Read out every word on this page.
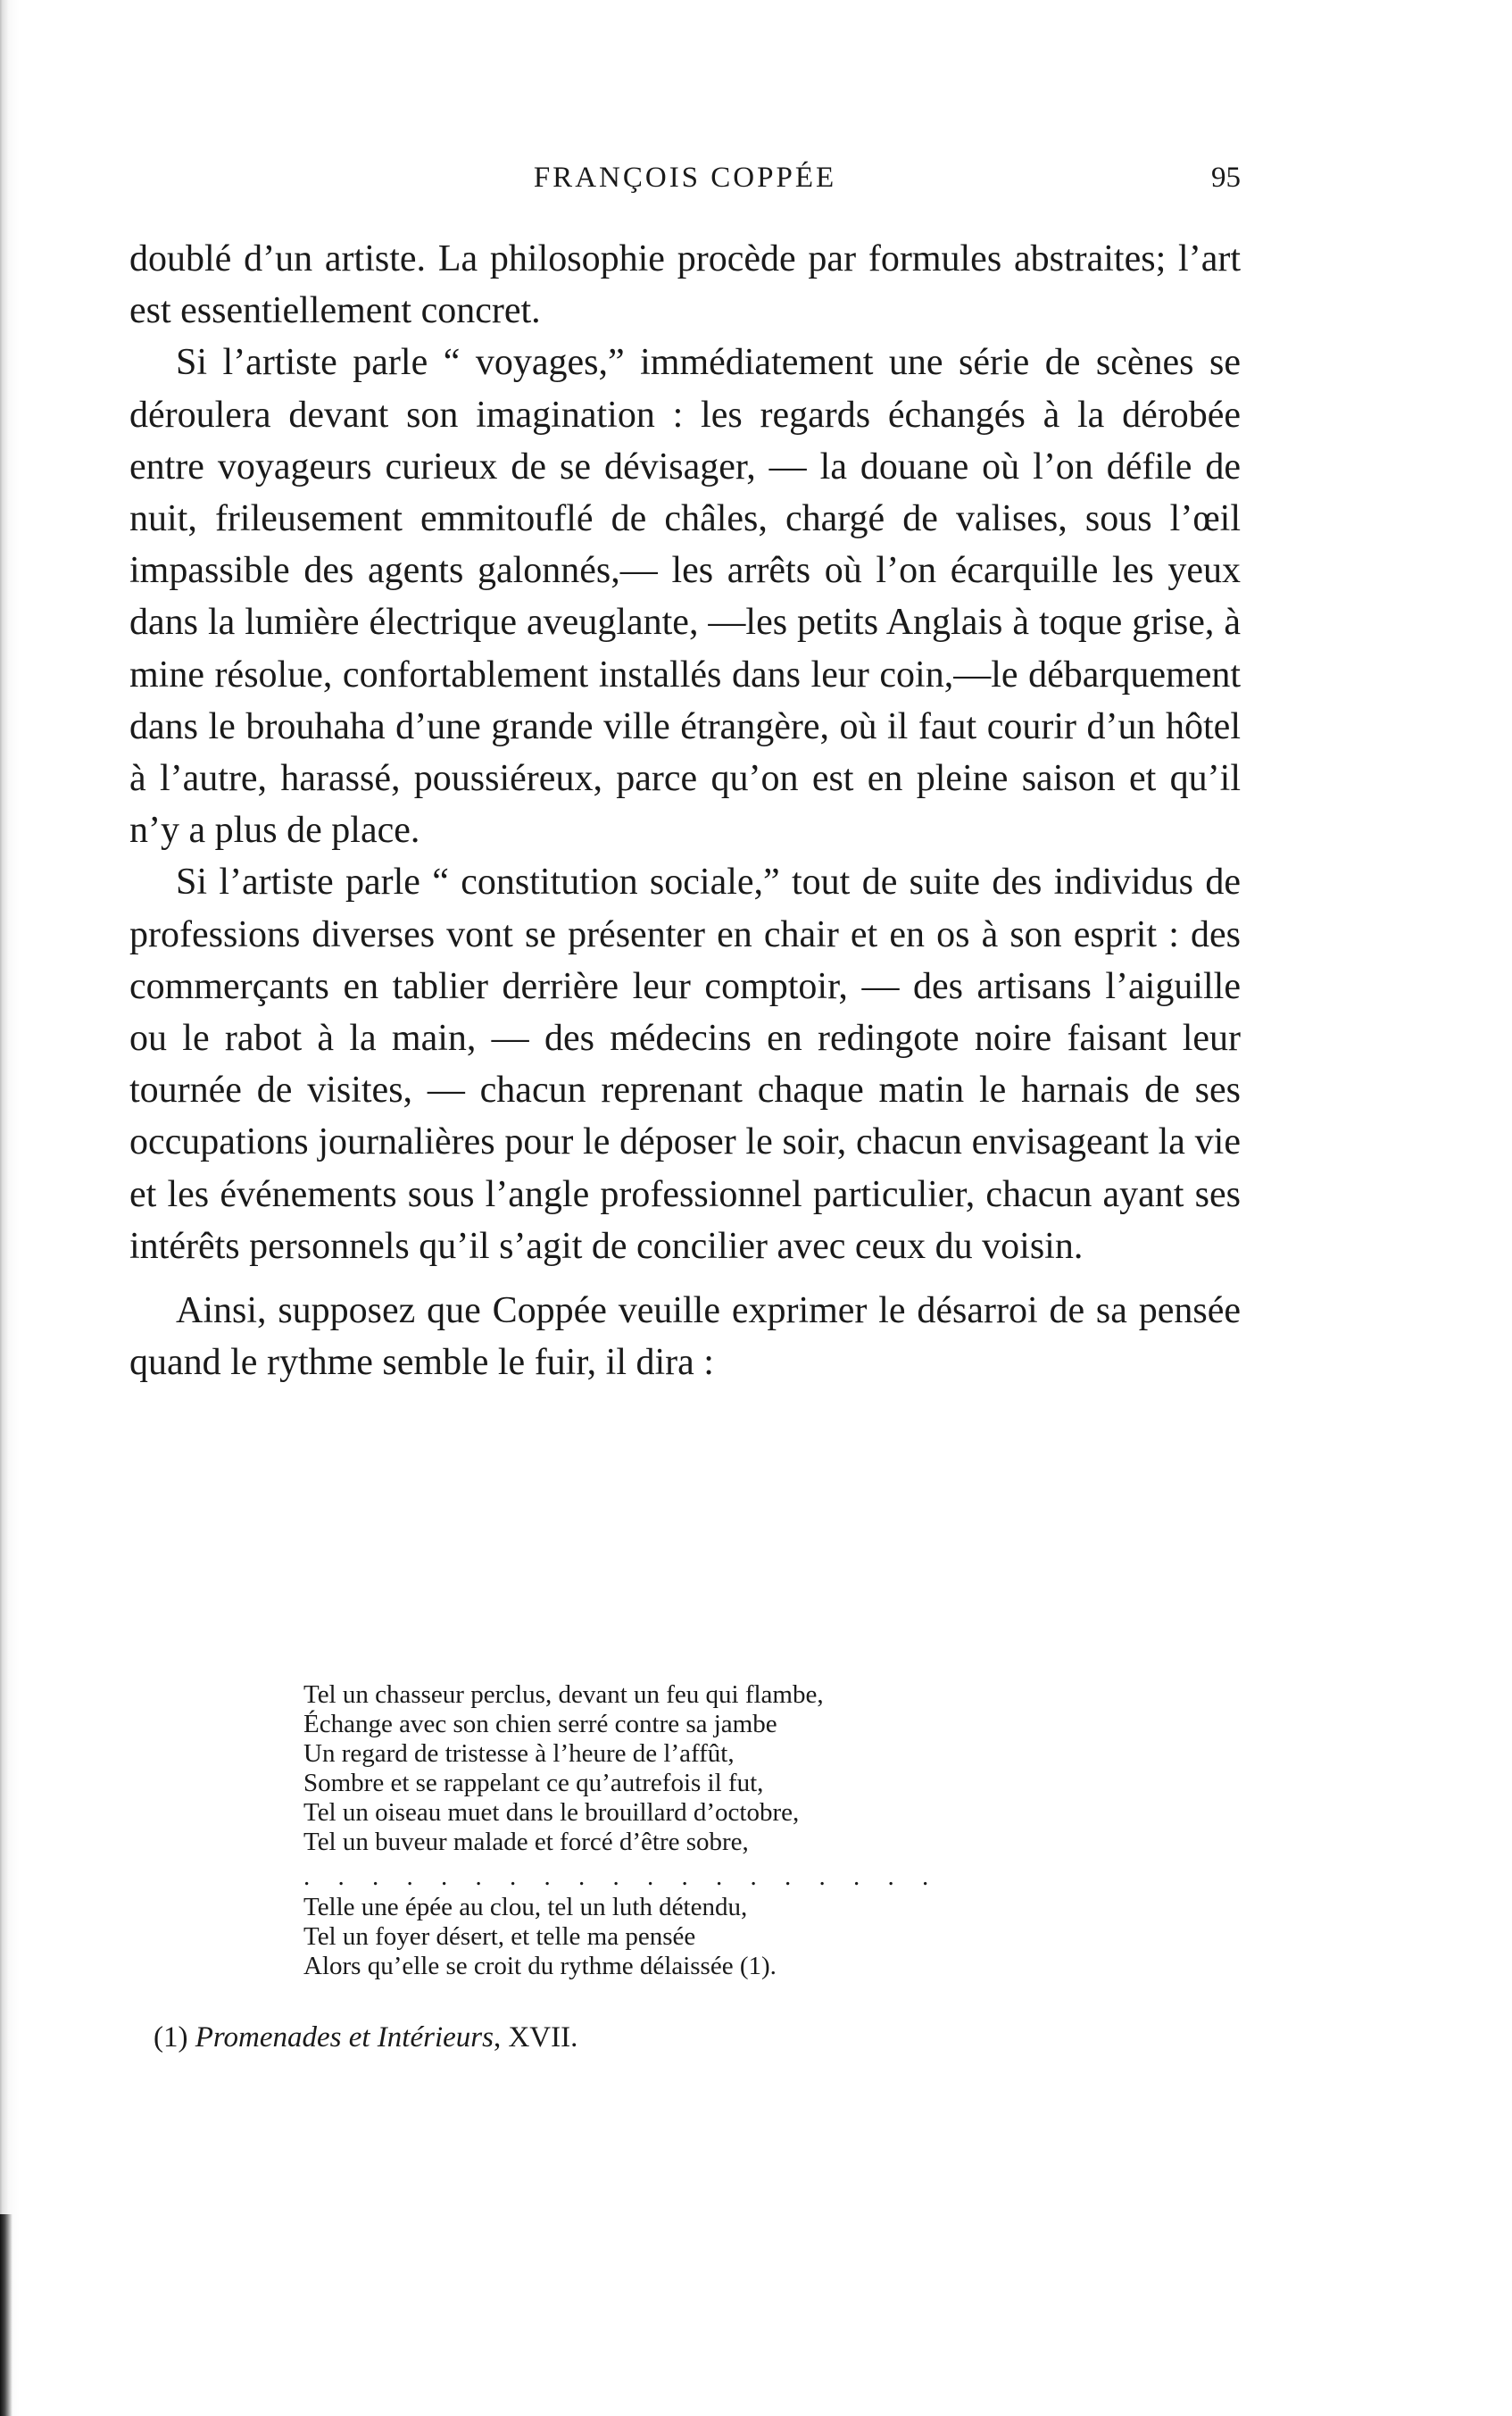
FRANÇOIS COPPÉE	95

doublé d’un artiste. La philosophie procède par formules abstraites; l’art est essentiellement concret.

Si l’artiste parle “ voyages,” immédiatement une série de scènes se déroulera devant son imagination : les regards échangés à la dérobée entre voyageurs curieux de se dévisager, — la douane où l’on défile de nuit, frileusement emmitouflé de châles, chargé de valises, sous l’œil impassible des agents galonnés,— les arrêts où l’on écarquille les yeux dans la lumière électrique aveuglante, —les petits Anglais à toque grise, à mine résolue, confortablement installés dans leur coin,—le débarquement dans le brouhaha d’une grande ville étrangère, où il faut courir d’un hôtel à l’autre, harassé, poussiéreux, parce qu’on est en pleine saison et qu’il n’y a plus de place.

Si l’artiste parle “ constitution sociale,” tout de suite des individus de professions diverses vont se présenter en chair et en os à son esprit : des commerçants en tablier derrière leur comptoir, — des artisans l’aiguille ou le rabot à la main, — des médecins en redingote noire faisant leur tournée de visites, — chacun reprenant chaque matin le harnais de ses occupations journalières pour le déposer le soir, chacun envisageant la vie et les événements sous l’angle professionnel particulier, chacun ayant ses intérêts personnels qu’il s’agit de concilier avec ceux du voisin.

Ainsi, supposez que Coppée veuille exprimer le désarroi de sa pensée quand le rythme semble le fuir, il dira :

Tel un chasseur perclus, devant un feu qui flambe,
Échange avec son chien serré contre sa jambe
Un regard de tristesse à l’heure de l’affût,
Sombre et se rappelant ce qu’autrefois il fut,
Tel un oiseau muet dans le brouillard d’octobre,
Tel un buveur malade et forcé d’être sobre,
. . . . . . . . . . . . . . . . . . .
Telle une épée au clou, tel un luth détendu,
Tel un foyer désert, et telle ma pensée
Alors qu’elle se croit du rythme délaissée (1).
(1) Promenades et Intérieurs, XVII.
